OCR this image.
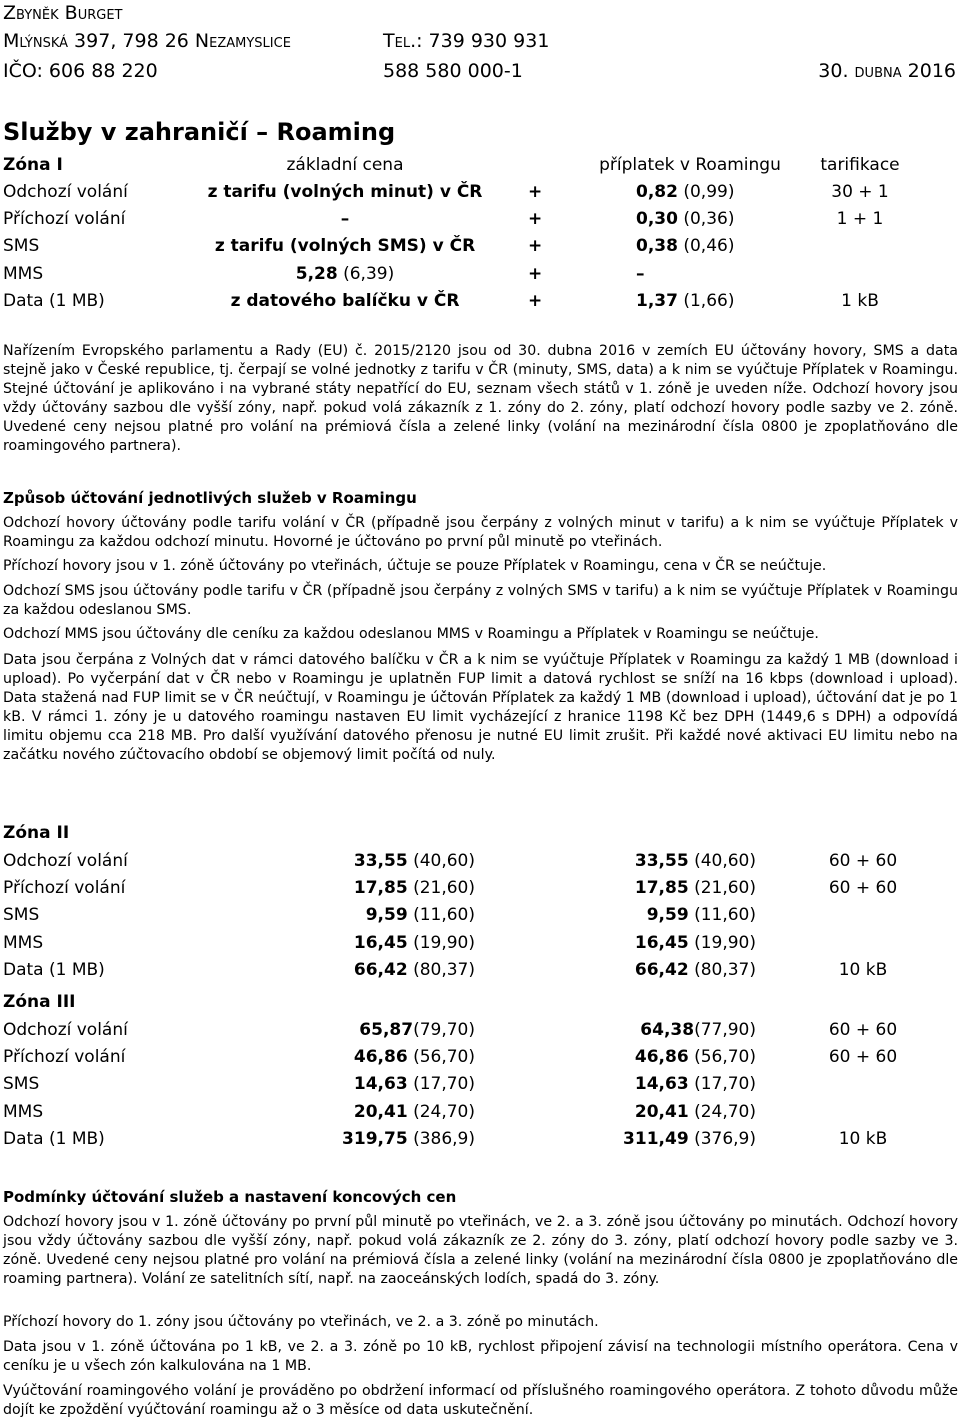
Zbyněk Burget
Mlýnská 397, 798 26 Nezamyslice	Tel.: 739 930 931
IČO: 606 88 220	588 580 000-1	30. dubna 2016
Služby v zahraničí – Roaming
Zóna I	základní cena	příplatek v Roamingu	tarifikace
Odchozí volání	z tarifu (volných minut) v ČR	+	0,82 (0,99)	30 + 1
Příchozí volání	–	+	0,30 (0,36)	1 + 1
SMS	z tarifu (volných SMS) v ČR	+	0,38 (0,46)
MMS	5,28 (6,39)	+	–
Data (1 MB)	z datového balíčku v ČR	+	1,37 (1,66)	1 kB

Nařízením Evropského parlamentu a Rady (EU) č. 2015/2120 jsou od 30. dubna 2016 v zemích EU účtovány hovory, SMS a data stejně jako v České republice, tj. čerpají se volné jednotky z tarifu v ČR (minuty, SMS, data) a k nim se vyúčtuje Příplatek v Roamingu. Stejné účtování je aplikováno i na vybrané státy nepatřící do EU, seznam všech států v 1. zóně je uveden níže. Odchozí hovory jsou vždy účtovány sazbou dle vyšší zóny, např. pokud volá zákazník z 1. zóny do 2. zóny, platí odchozí hovory podle sazby ve 2. zóně. Uvedené ceny nejsou platné pro volání na prémiová čísla a zelené linky (volání na mezinárodní čísla 0800 je zpoplatňováno dle roamingového partnera).

Způsob účtování jednotlivých služeb v Roamingu

Odchozí hovory účtovány podle tarifu volání v ČR (případně jsou čerpány z volných minut v tarifu) a k nim se vyúčtuje Příplatek v Roamingu za každou odchozí minutu. Hovorné je účtováno po první půl minutě po vteřinách.

Příchozí hovory jsou v 1. zóně účtovány po vteřinách, účtuje se pouze Příplatek v Roamingu, cena v ČR se neúčtuje.

Odchozí SMS jsou účtovány podle tarifu v ČR (případně jsou čerpány z volných SMS v tarifu) a k nim se vyúčtuje Příplatek v Roamingu za každou odeslanou SMS.

Odchozí MMS jsou účtovány dle ceníku za každou odeslanou MMS v Roamingu a Příplatek v Roamingu se neúčtuje.

Data jsou čerpána z Volných dat v rámci datového balíčku v ČR a k nim se vyúčtuje Příplatek v Roamingu za každý 1 MB (download i upload). Po vyčerpání dat v ČR nebo v Roamingu je uplatněn FUP limit a datová rychlost se sníží na 16 kbps (download i upload). Data stažená nad FUP limit se v ČR neúčtují, v Roamingu je účtován Příplatek za každý 1 MB (download i upload), účtování dat je po 1 kB. V rámci 1. zóny je u datového roamingu nastaven EU limit vycházející z hranice 1198 Kč bez DPH (1449,6 s DPH) a odpovídá limitu objemu cca 218 MB. Pro další využívání datového přenosu je nutné EU limit zrušit. Při každé nové aktivaci EU limitu nebo na začátku nového zúčtovacího období se objemový limit počítá od nuly.

Zóna II
Odchozí volání	33,55 (40,60)	33,55 (40,60)	60 + 60
Příchozí volání	17,85 (21,60)	17,85 (21,60)	60 + 60
SMS	9,59 (11,60)	9,59 (11,60)
MMS	16,45 (19,90)	16,45 (19,90)
Data (1 MB)	66,42 (80,37)	66,42 (80,37)	10 kB
Zóna III
Odchozí volání	65,87(79,70)	64,38(77,90)	60 + 60
Příchozí volání	46,86 (56,70)	46,86 (56,70)	60 + 60
SMS	14,63 (17,70)	14,63 (17,70)
MMS	20,41 (24,70)	20,41 (24,70)
Data (1 MB)	319,75 (386,9)	311,49 (376,9)	10 kB
Podmínky účtování služeb a nastavení koncových cen

Odchozí hovory jsou v 1. zóně účtovány po první půl minutě po vteřinách, ve 2. a 3. zóně jsou účtovány po minutách. Odchozí hovory jsou vždy účtovány sazbou dle vyšší zóny, např. pokud volá zákazník ze 2. zóny do 3. zóny, platí odchozí hovory podle sazby ve 3. zóně. Uvedené ceny nejsou platné pro volání na prémiová čísla a zelené linky (volání na mezinárodní čísla 0800 je zpoplatňováno dle roaming partnera). Volání ze satelitních sítí, např. na zaoceánských lodích, spadá do 3. zóny.

Příchozí hovory do 1. zóny jsou účtovány po vteřinách, ve 2. a 3. zóně po minutách.

Data jsou v 1. zóně účtována po 1 kB, ve 2. a 3. zóně po 10 kB, rychlost připojení závisí na technologii místního operátora. Cena v ceníku je u všech zón kalkulována na 1 MB.

Vyúčtování roamingového volání je prováděno po obdržení informací od příslušného roamingového operátora. Z tohoto důvodu může dojít ke zpoždění vyúčtování roamingu až o 3 měsíce od data uskutečnění.
